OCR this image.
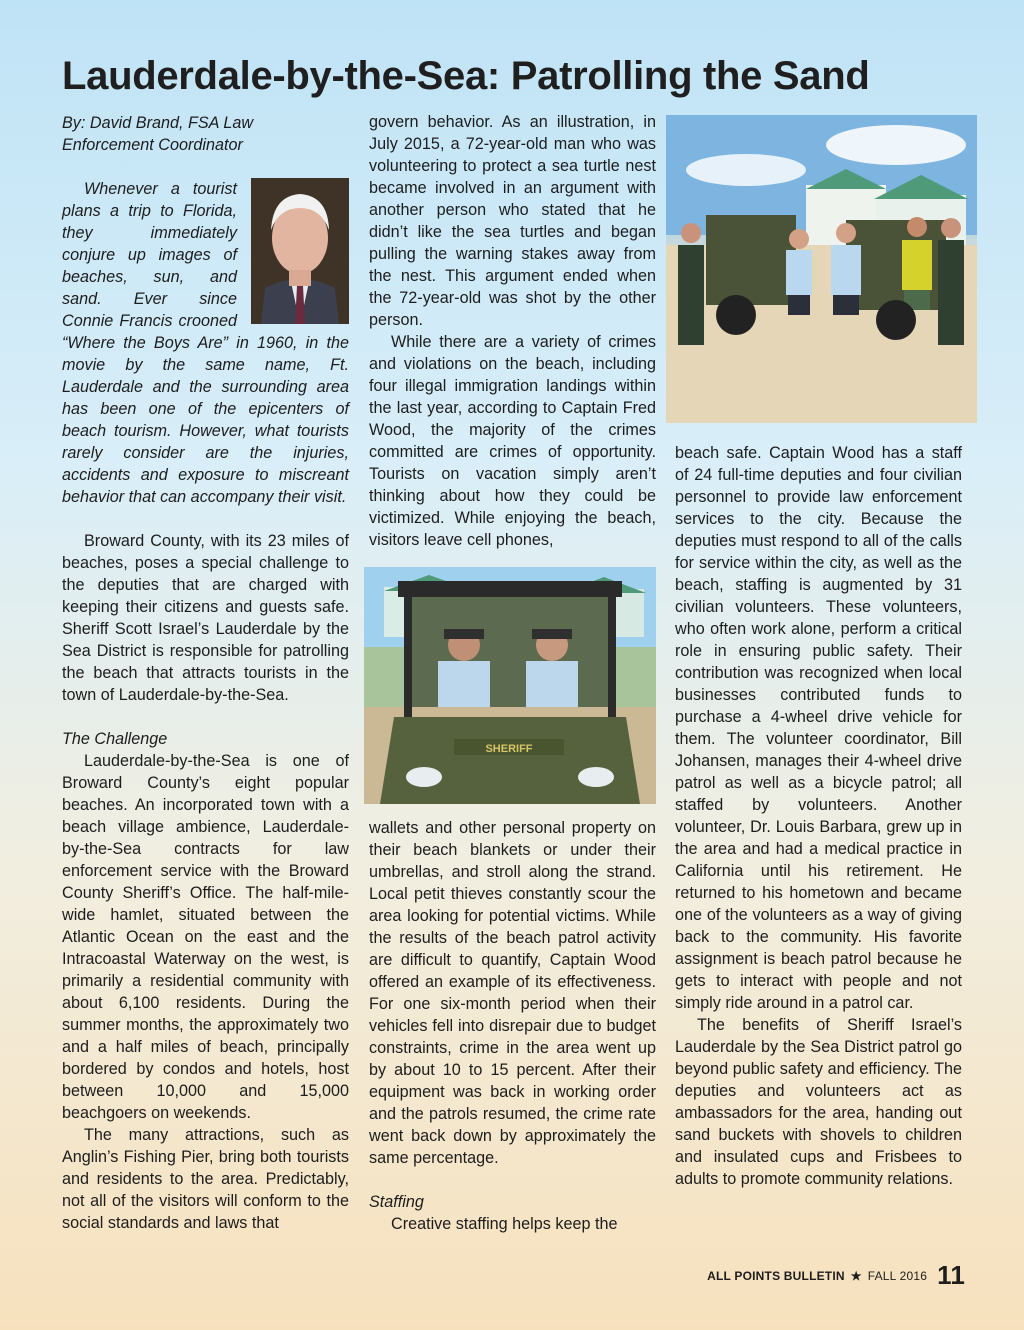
Lauderdale-by-the-Sea: Patrolling the Sand

By: David Brand, FSA Law Enforcement Coordinator

Whenever a tourist plans a trip to Florida, they immediately conjure up images of beaches, sun, and sand. Ever since Connie Francis crooned “Where the Boys Are” in 1960, in the movie by the same name, Ft. Lauderdale and the surrounding area has been one of the epicenters of beach tourism. However, what tourists rarely consider are the injuries, accidents and exposure to miscreant behavior that can accompany their visit.

Broward County, with its 23 miles of beaches, poses a special challenge to the deputies that are charged with keeping their citizens and guests safe. Sheriff Scott Israel’s Lauderdale by the Sea District is responsible for patrolling the beach that attracts tourists in the town of Lauderdale-by-the-Sea.

The Challenge

Lauderdale-by-the-Sea is one of Broward County’s eight popular beaches. An incorporated town with a beach village ambience, Lauderdale-by-the-Sea contracts for law enforcement service with the Broward County Sheriff’s Office. The half-mile-wide hamlet, situated between the Atlantic Ocean on the east and the Intracoastal Waterway on the west, is primarily a residential community with about 6,100 residents. During the summer months, the approximately two and a half miles of beach, principally bordered by condos and hotels, host between 10,000 and 15,000 beachgoers on weekends.

The many attractions, such as Anglin’s Fishing Pier, bring both tourists and residents to the area. Predictably, not all of the visitors will conform to the social standards and laws that

govern behavior. As an illustration, in July 2015, a 72-year-old man who was volunteering to protect a sea turtle nest became involved in an argument with another person who stated that he didn’t like the sea turtles and began pulling the warning stakes away from the nest. This argument ended when the 72-year-old was shot by the other person.

While there are a variety of crimes and violations on the beach, including four illegal immigration landings within the last year, according to Captain Fred Wood, the majority of the crimes committed are crimes of opportunity. Tourists on vacation simply aren’t thinking about how they could be victimized. While enjoying the beach, visitors leave cell phones,

SHERIFF

wallets and other personal property on their beach blankets or under their umbrellas, and stroll along the strand. Local petit thieves constantly scour the area looking for potential victims. While the results of the beach patrol activity are difficult to quantify, Captain Wood offered an example of its effectiveness. For one six-month period when their vehicles fell into disrepair due to budget constraints, crime in the area went up by about 10 to 15 percent. After their equipment was back in working order and the patrols resumed, the crime rate went back down by approximately the same percentage.

Staffing

Creative staffing helps keep the

beach safe. Captain Wood has a staff of 24 full-time deputies and four civilian personnel to provide law enforcement services to the city. Because the deputies must respond to all of the calls for service within the city, as well as the beach, staffing is augmented by 31 civilian volunteers. These volunteers, who often work alone, perform a critical role in ensuring public safety. Their contribution was recognized when local businesses contributed funds to purchase a 4-wheel drive vehicle for them. The volunteer coordinator, Bill Johansen, manages their 4-wheel drive patrol as well as a bicycle patrol; all staffed by volunteers. Another volunteer, Dr. Louis Barbara, grew up in the area and had a medical practice in California until his retirement. He returned to his hometown and became one of the volunteers as a way of giving back to the community. His favorite assignment is beach patrol because he gets to interact with people and not simply ride around in a patrol car.

The benefits of Sheriff Israel’s Lauderdale by the Sea District patrol go beyond public safety and efficiency. The deputies and volunteers act as ambassadors for the area, handing out sand buckets with shovels to children and insulated cups and Frisbees to adults to promote community relations.

ALL POINTS BULLETIN ★ FALL 2016 11
